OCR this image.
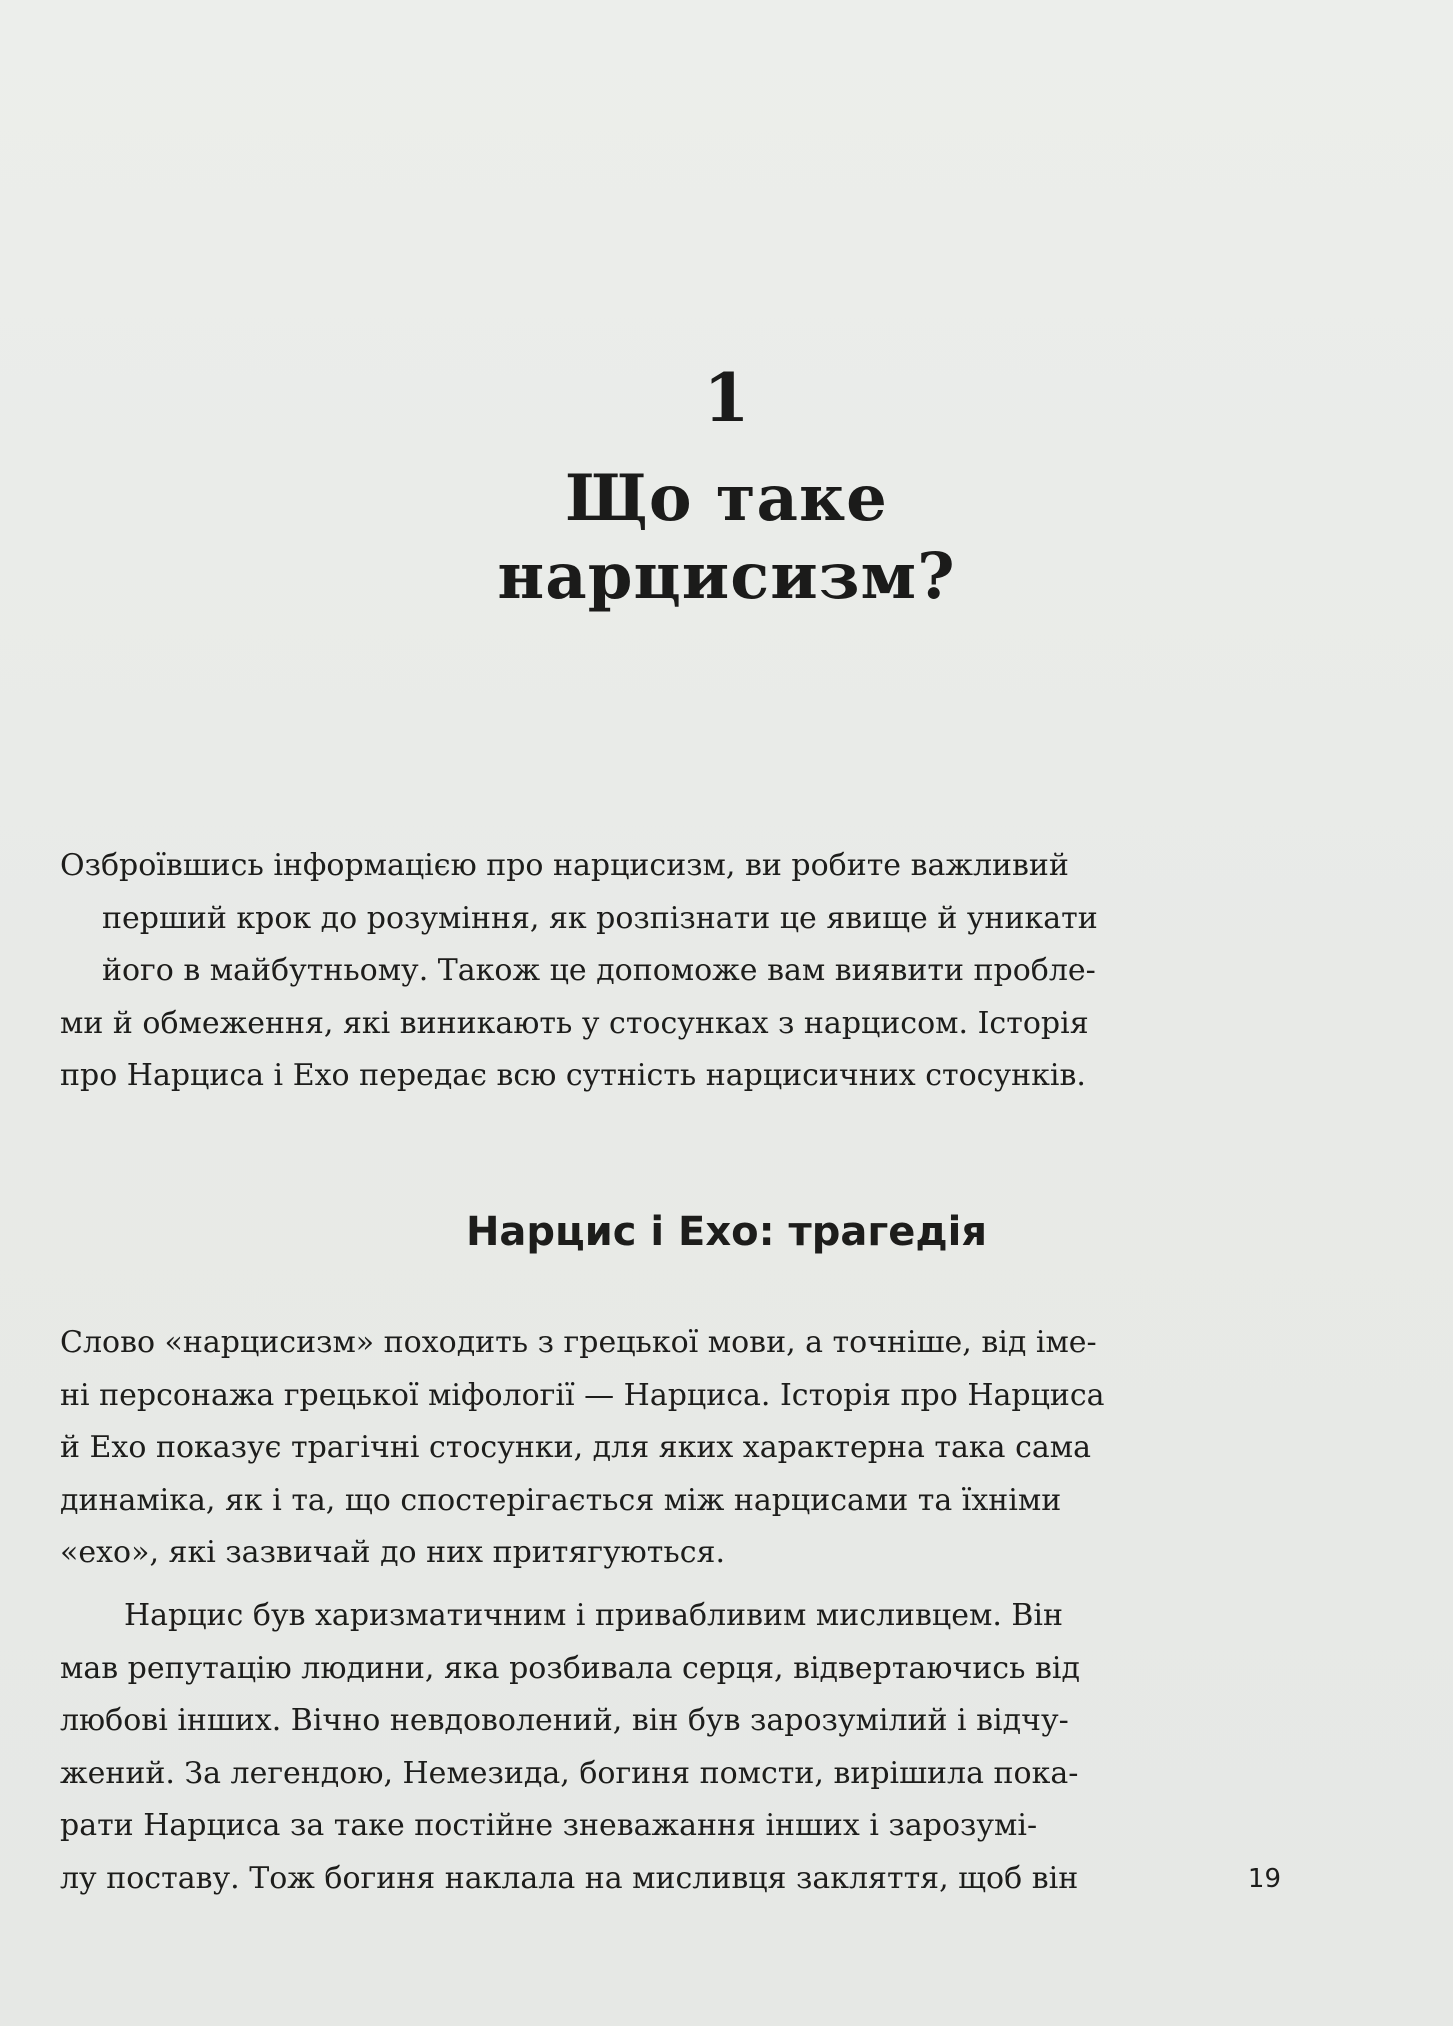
1
Що таке
нарцисизм?

Озброївшись інформацією про нарцисизм, ви робите важливий
перший крок до розуміння, як розпізнати це явище й уникати
його в майбутньому. Також це допоможе вам виявити пробле-
ми й обмеження, які виникають у стосунках з нарцисом. Історія
про Нарциса і Ехо передає всю сутність нарцисичних стосунків.

Нарцис і Ехо: трагедія

Слово «нарцисизм» походить з грецької мови, а точніше, від іме-
ні персонажа грецької міфології — Нарциса. Історія про Нарциса
й Ехо показує трагічні стосунки, для яких характерна така сама
динаміка, як і та, що спостерігається між нарцисами та їхніми
«ехо», які зазвичай до них притягуються.

Нарцис був харизматичним і привабливим мисливцем. Він
мав репутацію людини, яка розбивала серця, відвертаючись від
любові інших. Вічно невдоволений, він був зарозумілий і відчу-
жений. За легендою, Немезида, богиня помсти, вирішила пока-
рати Нарциса за таке постійне зневажання інших і зарозумі-
лу поставу. Тож богиня наклала на мисливця закляття, щоб він	19
